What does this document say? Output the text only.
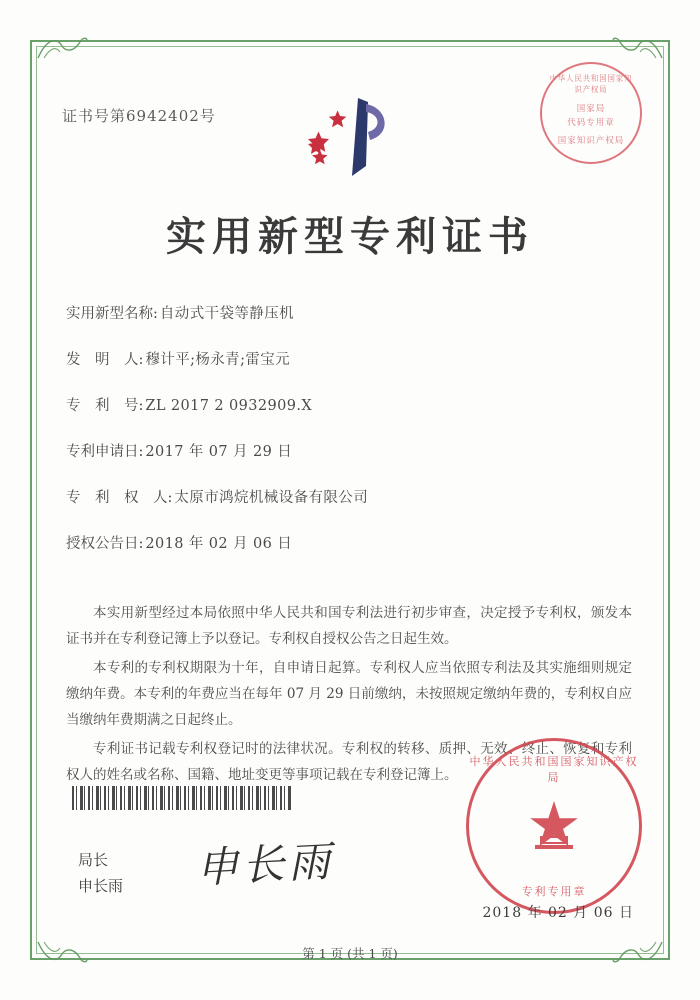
证书号第6942402号
中华人民共和国国家知识产权局
国家局
代码专用章
国家知识产权局
实用新型专利证书
实用新型名称: 自动式干袋等静压机
发　明　人: 穆计平;杨永青;雷宝元
专　利　号: ZL 2017 2 0932909.X
专利申请日: 2017 年 07 月 29 日
专　利　权　人: 太原市鸿烷机械设备有限公司
授权公告日: 2018 年 02 月 06 日

本实用新型经过本局依照中华人民共和国专利法进行初步审查，决定授予专利权，颁发本证书并在专利登记簿上予以登记。专利权自授权公告之日起生效。

本专利的专利权期限为十年，自申请日起算。专利权人应当依照专利法及其实施细则规定缴纳年费。本专利的年费应当在每年 07 月 29 日前缴纳，未按照规定缴纳年费的，专利权自应当缴纳年费期满之日起终止。

专利证书记载专利权登记时的法律状况。专利权的转移、质押、无效、终止、恢复和专利权人的姓名或名称、国籍、地址变更等事项记载在专利登记簿上。

局长
申长雨 申长雨
中华人民共和国国家知识产权局
专利专用章
2018 年 02 月 06 日
第 1 页 (共 1 页)
